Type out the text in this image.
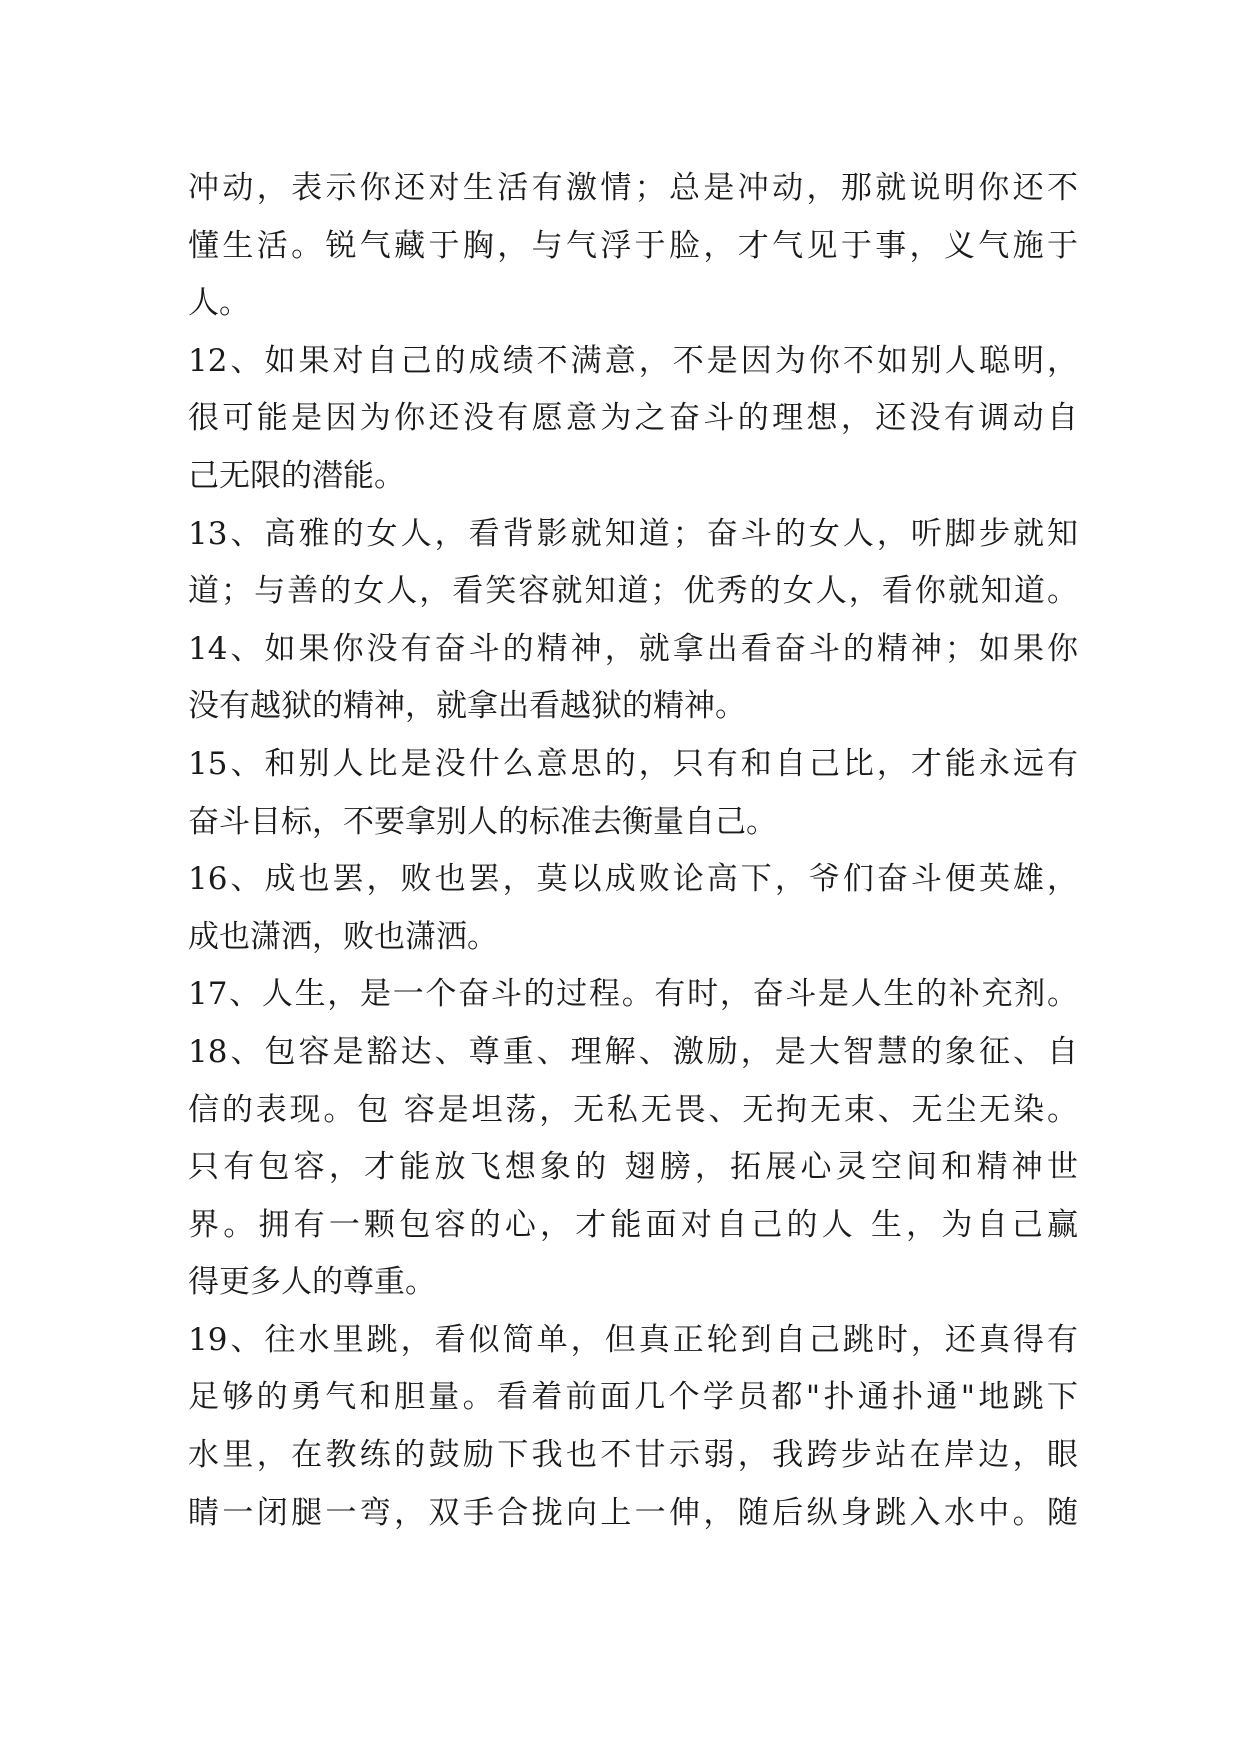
冲动，表示你还对生活有激情；总是冲动，那就说明你还不
懂生活。锐气藏于胸，与气浮于脸，才气见于事，义气施于
人。
12、如果对自己的成绩不满意，不是因为你不如别人聪明，
很可能是因为你还没有愿意为之奋斗的理想，还没有调动自
己无限的潜能。
13、高雅的女人，看背影就知道；奋斗的女人，听脚步就知
道；与善的女人，看笑容就知道；优秀的女人，看你就知道。
14、如果你没有奋斗的精神，就拿出看奋斗的精神；如果你
没有越狱的精神，就拿出看越狱的精神。
15、和别人比是没什么意思的，只有和自己比，才能永远有
奋斗目标，不要拿别人的标准去衡量自己。
16、成也罢，败也罢，莫以成败论高下，爷们奋斗便英雄，
成也潇洒，败也潇洒。
17、人生，是一个奋斗的过程。有时，奋斗是人生的补充剂。
18、包容是豁达、尊重、理解、激励，是大智慧的象征、自
信的表现。包 容是坦荡，无私无畏、无拘无束、无尘无染。
只有包容，才能放飞想象的 翅膀，拓展心灵空间和精神世
界。拥有一颗包容的心，才能面对自己的人 生，为自己赢
得更多人的尊重。
19、往水里跳，看似简单，但真正轮到自己跳时，还真得有
足够的勇气和胆量。看着前面几个学员都"扑通扑通"地跳下
水里，在教练的鼓励下我也不甘示弱，我跨步站在岸边，眼
睛一闭腿一弯，双手合拢向上一伸，随后纵身跳入水中。随
